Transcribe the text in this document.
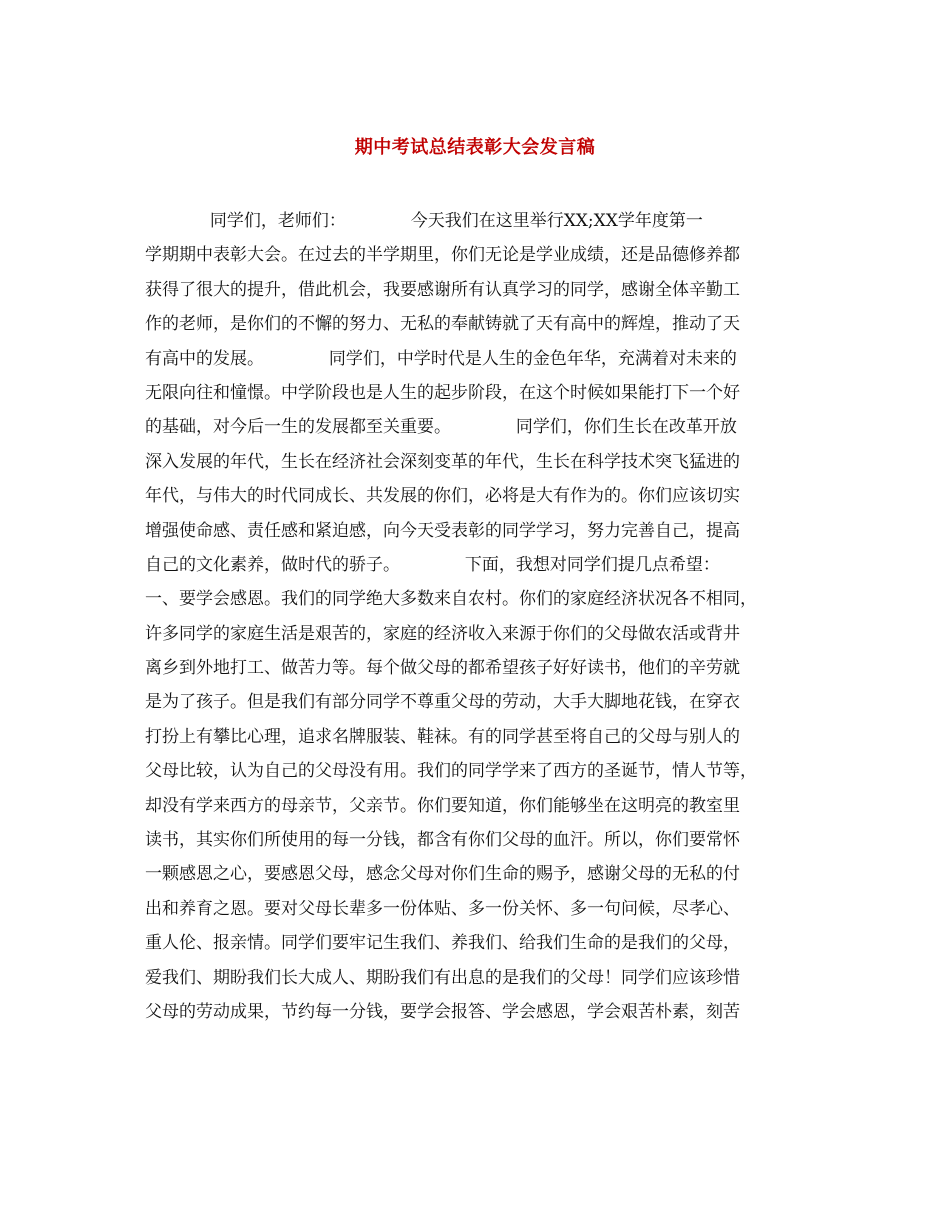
期中考试总结表彰大会发言稿
同学们，老师们：            今天我们在这里举行XX;XX学年度第一
学期期中表彰大会。在过去的半学期里，你们无论是学业成绩，还是品德修养都
获得了很大的提升，借此机会，我要感谢所有认真学习的同学，感谢全体辛勤工
作的老师，是你们的不懈的努力、无私的奉献铸就了天有高中的辉煌，推动了天
有高中的发展。            同学们，中学时代是人生的金色年华，充满着对未来的
无限向往和憧憬。中学阶段也是人生的起步阶段，在这个时候如果能打下一个好
的基础，对今后一生的发展都至关重要。            同学们，你们生长在改革开放
深入发展的年代，生长在经济社会深刻变革的年代，生长在科学技术突飞猛进的
年代，与伟大的时代同成长、共发展的你们，必将是大有作为的。你们应该切实
增强使命感、责任感和紧迫感，向今天受表彰的同学学习，努力完善自己，提高
自己的文化素养，做时代的骄子。            下面，我想对同学们提几点希望：
一、要学会感恩。我们的同学绝大多数来自农村。你们的家庭经济状况各不相同，
许多同学的家庭生活是艰苦的，家庭的经济收入来源于你们的父母做农活或背井
离乡到外地打工、做苦力等。每个做父母的都希望孩子好好读书，他们的辛劳就
是为了孩子。但是我们有部分同学不尊重父母的劳动，大手大脚地花钱，在穿衣
打扮上有攀比心理，追求名牌服装、鞋袜。有的同学甚至将自己的父母与别人的
父母比较，认为自己的父母没有用。我们的同学学来了西方的圣诞节，情人节等，
却没有学来西方的母亲节，父亲节。你们要知道，你们能够坐在这明亮的教室里
读书，其实你们所使用的每一分钱，都含有你们父母的血汗。所以，你们要常怀
一颗感恩之心，要感恩父母，感念父母对你们生命的赐予，感谢父母的无私的付
出和养育之恩。要对父母长辈多一份体贴、多一份关怀、多一句问候，尽孝心、
重人伦、报亲情。同学们要牢记生我们、养我们、给我们生命的是我们的父母，
爱我们、期盼我们长大成人、期盼我们有出息的是我们的父母！同学们应该珍惜
父母的劳动成果，节约每一分钱，要学会报答、学会感恩，学会艰苦朴素，刻苦
